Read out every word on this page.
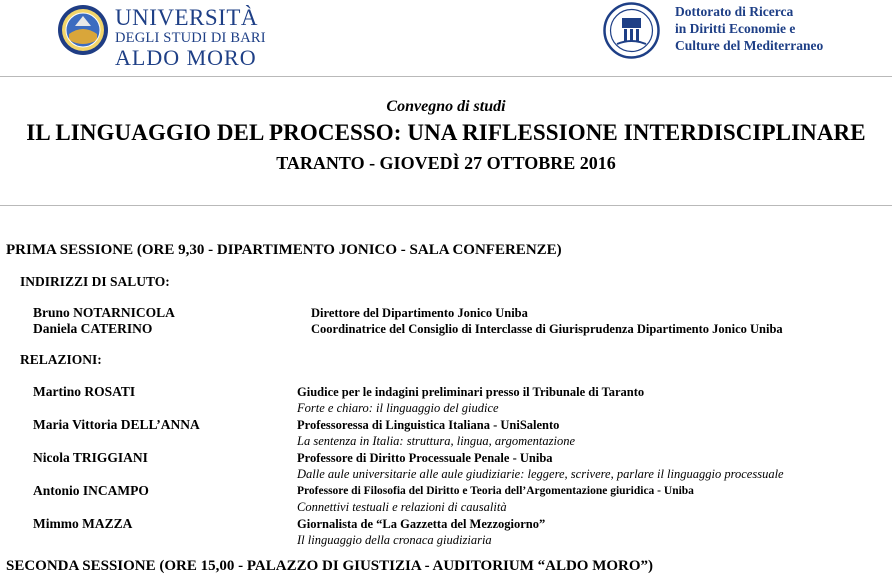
UNIVERSITÀ
DEGLI STUDI DI BARI
ALDO MORO
Dottorato di Ricerca
in Diritti Economie e
Culture del Mediterraneo
Convegno di studi
IL LINGUAGGIO DEL PROCESSO: UNA RIFLESSIONE INTERDISCIPLINARE
TARANTO - GIOVEDÌ 27 OTTOBRE 2016
PRIMA SESSIONE (ORE 9,30 - DIPARTIMENTO JONICO - SALA CONFERENZE)
INDIRIZZI DI SALUTO:
Bruno NOTARNICOLA	Direttore del Dipartimento Jonico Uniba
Daniela CATERINO	Coordinatrice del Consiglio di Interclasse di Giurisprudenza Dipartimento Jonico Uniba
RELAZIONI:
Martino ROSATI	Giudice per le indagini preliminari presso il Tribunale di Taranto
Forte e chiaro: il linguaggio del giudice
Maria Vittoria DELL’ANNA	Professoressa di Linguistica Italiana - UniSalento
La sentenza in Italia: struttura, lingua, argomentazione
Nicola TRIGGIANI	Professore di Diritto Processuale Penale - Uniba
Dalle aule universitarie alle aule giudiziarie: leggere, scrivere, parlare il linguaggio processuale
Antonio INCAMPO	Professore di Filosofia del Diritto e Teoria dell’Argomentazione giuridica - Uniba
Connettivi testuali e relazioni di causalità
Mimmo MAZZA	Giornalista de “La Gazzetta del Mezzogiorno”
Il linguaggio della cronaca giudiziaria
SECONDA SESSIONE (ORE 15,00 - PALAZZO DI GIUSTIZIA - AUDITORIUM “ALDO MORO”)
